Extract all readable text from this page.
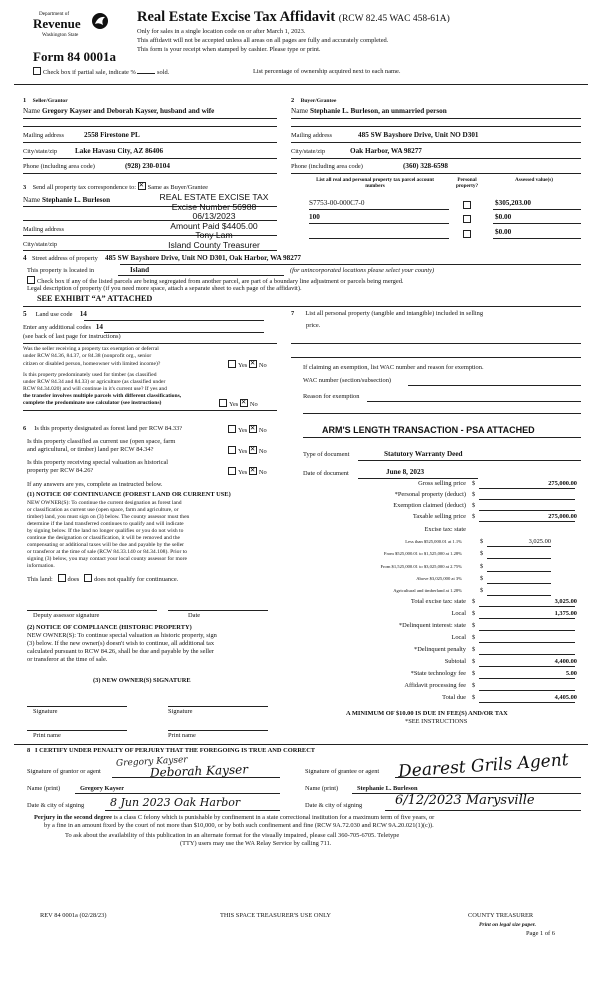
Department of
Revenue
Washington State
Form 84 0001a
Real Estate Excise Tax Affidavit (RCW 82.45 WAC 458-61A)
Only for sales in a single location code on or after March 1, 2023.
This affidavit will not be accepted unless all areas on all pages are fully and accurately completed.
This form is your receipt when stamped by cashier. Please type or print.
Check box if partial sale, indicate %	sold.	List percentage of ownership acquired next to each name.
1 Seller/Grantor
Name Gregory Kayser and Deborah Kayser, husband and wife
Mailing address	2558 Firestone PL
City/state/zip Lake Havasu City, AZ 86406
Phone (including area code)	(928) 230-0104
2 Buyer/Grantee
Name Stephanie L. Burleson, an unmarried person
Mailing address	485 SW Bayshore Drive, Unit NO D301
City/state/zip	Oak Harbor, WA 98277
Phone (including area code)	(360) 328-6598
3 Send all property tax correspondence to: ✕ Same as Buyer/Grantee
Name Stephanie L. Burleson
Mailing address
City/state/zip
REAL ESTATE EXCISE TAX
Excise Number 56988
06/13/2023
Amount Paid $4405.00
Tony Lam
Island County Treasurer
List all real and personal property tax parcel account numbers
Personal property?
Assessed value(s)
S7753-00-000C7-0	$305,203.00
100	$0.00
$0.00
4 Street address of property 485 SW Bayshore Drive, Unit NO D301, Oak Harbor, WA 98277
This property is located in	Island	(for unincorporated locations please select your county)
Check box if any of the listed parcels are being segregated from another parcel, are part of a boundary line adjustment or parcels being merged.
Legal description of property (if you need more space, attach a separate sheet to each page of the affidavit).
SEE EXHIBIT “A” ATTACHED
5 Land use code 14
Enter any additional codes 14
(see back of last page for instructions)
Was the seller receiving a property tax exemption or deferral
under RCW 84.36, 84.37, or 84.38 (nonprofit org., senior
citizen or disabled person, homeowner with limited income)?	Yes ✕ No
Is this property predominately used for timber (as classified
under RCW 84.34 and 84.33) or agriculture (as classified under
RCW 84.34.020) and will continue in it's current use? If yes and
the transfer involves multiple parcels with different classifications,
complete the predominate use calculator (see instructions)	Yes ✕ No
6 Is this property designated as forest land per RCW 84.33?	Yes ✕ No
Is this property classified as current use (open space, farm
and agricultural, or timber) land per RCW 84.34?	Yes ✕ No
Is this property receiving special valuation as historical
property per RCW 84.26?	Yes ✕ No
If any answers are yes, complete as instructed below.
(1) NOTICE OF CONTINUANCE (FOREST LAND OR CURRENT USE)
NEW OWNER(S): To continue the current designation as forest land
or classification as current use (open space, farm and agriculture, or
timber) land, you must sign on (3) below. The county assessor must then
determine if the land transferred continues to qualify and will indicate
by signing below. If the land no longer qualifies or you do not wish to
continue the designation or classification, it will be removed and the
compensating or additional taxes will be due and payable by the seller
or transferor at the time of sale (RCW 84.33.140 or 84.34.108). Prior to
signing (3) below, you may contact your local county assessor for more
information.
This land: does does not qualify for continuance.
Deputy assessor signature	Date
(2) NOTICE OF COMPLIANCE (HISTORIC PROPERTY)
NEW OWNER(S): To continue special valuation as historic property, sign
(3) below. If the new owner(s) doesn't wish to continue, all additional tax
calculated pursuant to RCW 84.26, shall be due and payable by the seller
or transferor at the time of sale.
(3) NEW OWNER(S) SIGNATURE
Signature	Signature
Print name	Print name
7 List all personal property (tangible and intangible) included in selling
price.
If claiming an exemption, list WAC number and reason for exemption.
WAC number (section/subsection)
Reason for exemption
ARM'S LENGTH TRANSACTION - PSA ATTACHED
Type of document	Statutory Warranty Deed
Date of document	June 8, 2023
Gross selling price $	275,000.00
*Personal property (deduct) $
Exemption claimed (deduct) $
Taxable selling price $	275,000.00
Excise tax: state
Less than $525,000.01 at 1.1%	$	3,025.00
From $525,000.01 to $1,525,000 at 1.28%	$
From $1,525,000.01 to $3,025,000 at 2.75%	$
Above $3,025,000 at 3%	$
Agricultural and timberland at 1.28%	$
Total excise tax: state $	3,025.00
Local $	1,375.00
*Delinquent interest: state $
Local $
*Delinquent penalty $
Subtotal $	4,400.00
*State technology fee $	5.00
Affidavit processing fee $
Total due $	4,405.00
A MINIMUM OF $10.00 IS DUE IN FEE(S) AND/OR TAX
*SEE INSTRUCTIONS
8 I CERTIFY UNDER PENALTY OF PERJURY THAT THE FOREGOING IS TRUE AND CORRECT
Signature of grantor or agent
Gregory Kayser
Deborah Kayser
Name (print)	Gregory Kayser
Date & city of signing 8 Jun 2023 Oak Harbor
Signature of grantee or agent Dearest Grils Agent
Name (print)	Stephanie L. Burleson
Date & city of signing	6/12/2023 Marysville
Perjury in the second degree is a class C felony which is punishable by confinement in a state correctional institution for a maximum term of five years, or
by a fine in an amount fixed by the court of not more than $10,000, or by both such confinement and fine (RCW 9A.72.030 and RCW 9A.20.021(1)(c)).
To ask about the availability of this publication in an alternate format for the visually impaired, please call 360-705-6705. Teletype
(TTY) users may use the WA Relay Service by calling 711.
REV 84 0001a (02/28/23)	THIS SPACE TREASURER'S USE ONLY	COUNTY TREASURER
Print on legal size paper.
Page 1 of 6
